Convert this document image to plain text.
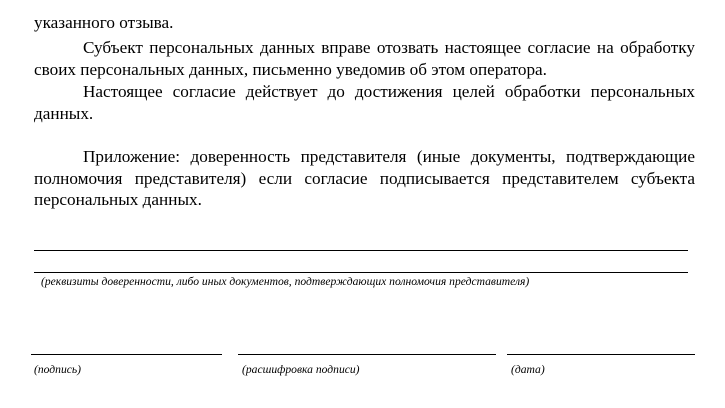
указанного отзыва.

Субъект персональных данных вправе отозвать настоящее согласие на обработку своих персональных данных, письменно уведомив об этом оператора.

Настоящее согласие действует до достижения целей обработки персональных данных.

Приложение: доверенность представителя (иные документы, подтверждающие полномочия представителя) если согласие подписывается представителем субъекта персональных данных.

(реквизиты доверенности, либо иных документов, подтверждающих полномочия представителя)
(подпись)	(расшифровка подписи)	(дата)
